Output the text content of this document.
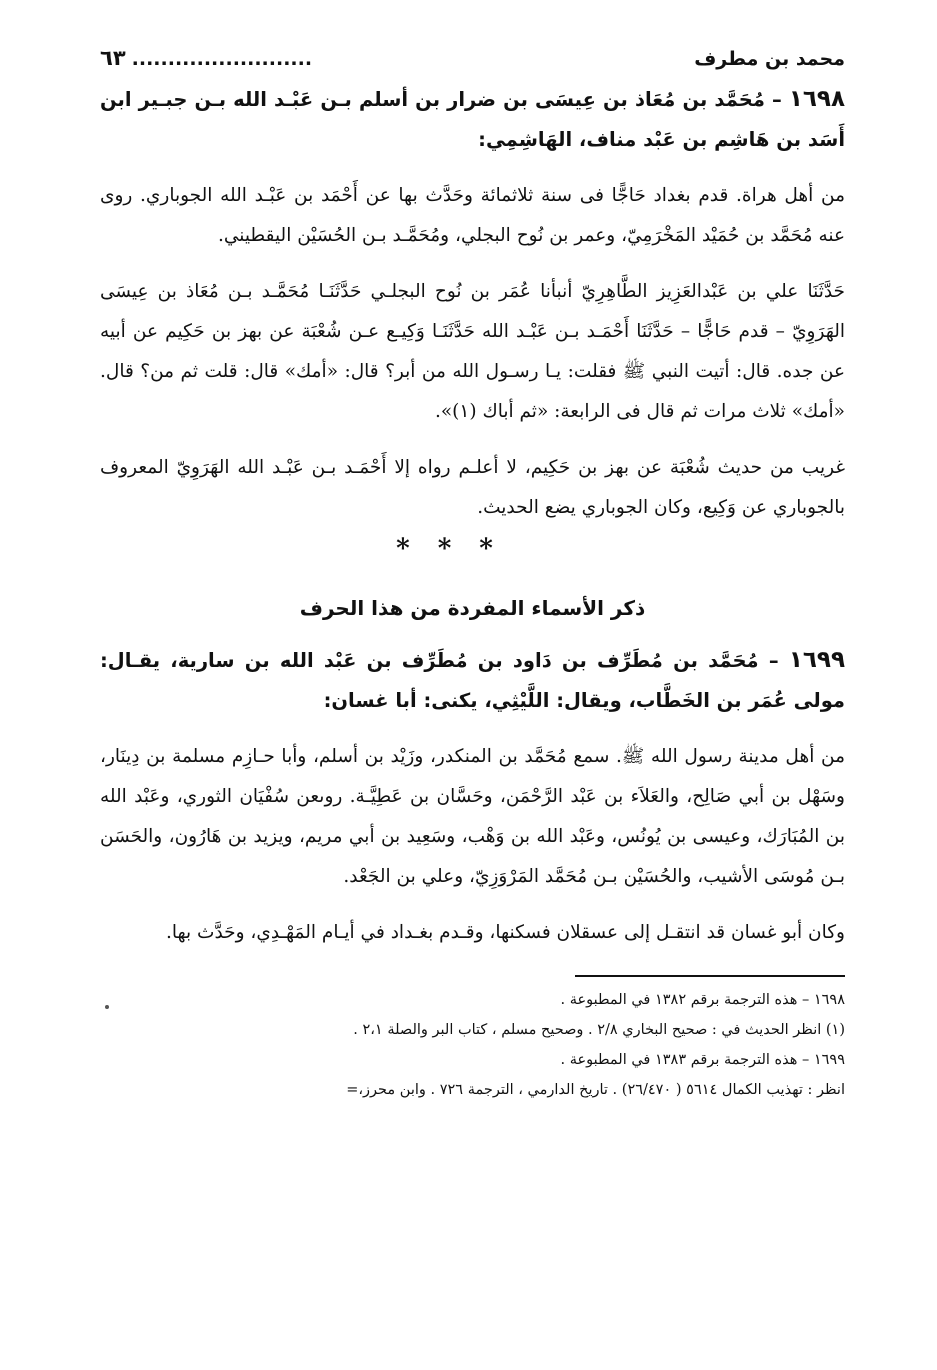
محمد بن مطرف
.........................
٦٣

١٦٩٨ – مُحَمَّد بن مُعَاذ بن عِيسَى بن ضرار بن أسلم بـن عَبْـد الله بـن جبـير ابن أَسَد بن هَاشِم بن عَبْد مناف، الهَاشِمِي:

من أهل هراة. قدم بغداد حَاجًّا فى سنة ثلاثمائة وحَدَّث بها عن أَحْمَد بن عَبْـد الله الجوباري. روى عنه مُحَمَّد بن حُمَيْد المَخْرَمِيّ، وعمر بن نُوح البجلي، ومُحَمَّـد بـن الحُسَيْن اليقطيني.

حَدَّثَنَا علي بن عَبْدالعَزِيز الطَّاهِرِيّ أنبأنا عُمَر بن نُوح البجلـي حَدَّثَنَـا مُحَمَّـد بـن مُعَاذ بن عِيسَى الهَرَوِيّ – قدم حَاجًّا – حَدَّثَنَا أَحْمَـد بـن عَبْـد الله حَدَّثَنَـا وَكِيـع عـن شُعْبَة عن بهز بن حَكِيم عن أبيه عن جده. قال: أتيت النبي ﷺ فقلت: يـا رسـول الله من أبر؟ قال: «أمك» قال: قلت ثم من؟ قال. «أمك» ثلاث مرات ثم قال فى الرابعة: «ثم أباك (١)».

غريب من حديث شُعْبَة عن بهز بن حَكِيم، لا أعلـم رواه إلا أَحْمَـد بـن عَبْـد الله الهَرَوِيّ المعروف بالجوباري عن وَكِيع، وكان الجوباري يضع الحديث.

***
ذكر الأسماء المفردة من هذا الحرف

١٦٩٩ – مُحَمَّد بن مُطَرِّف بن دَاود بن مُطَرِّف بن عَبْد الله بن سارية، يقـال: مولى عُمَر بن الخَطَّاب، ويقال: اللَّيْثِي، يكنى: أبا غسان:

من أهل مدينة رسول الله ﷺ. سمع مُحَمَّد بن المنكدر، وزَيْد بن أسلم، وأبا حـازِم مسلمة بن دِينَار، وسَهْل بن أبي صَالِح، والعَلاَء بن عَبْد الرَّحْمَن، وحَسَّان بن عَطِيَّـة. روىعن سُفْيَان الثوري، وعَبْد الله بن المُبَارَك، وعيسى بن يُونُس، وعَبْد الله بن وَهْب، وسَعِيد بن أبي مريم، ويزيد بن هَارُون، والحَسَن بـن مُوسَى الأشيب، والحُسَيْن بـن مُحَمَّد المَرْوَزِيّ، وعلي بن الجَعْد.

وكان أبو غسان قد انتقـل إلى عسقلان فسكنها، وقـدم بغـداد في أيـام المَهْـدِي، وحَدَّث بها.

١٦٩٨ – هذه الترجمة برقم ١٣٨٢ في المطبوعة .

(١) انظر الحديث في : صحيح البخاري ٢/٨ . وصحيح مسلم ، كتاب البر والصلة ٢،١ .

١٦٩٩ – هذه الترجمة برقم ١٣٨٣ في المطبوعة .

انظر : تهذيب الكمال ٥٦١٤ ( ٢٦/٤٧٠) . تاريخ الدارمي ، الترجمة ٧٢٦ . وابن محرز،=
